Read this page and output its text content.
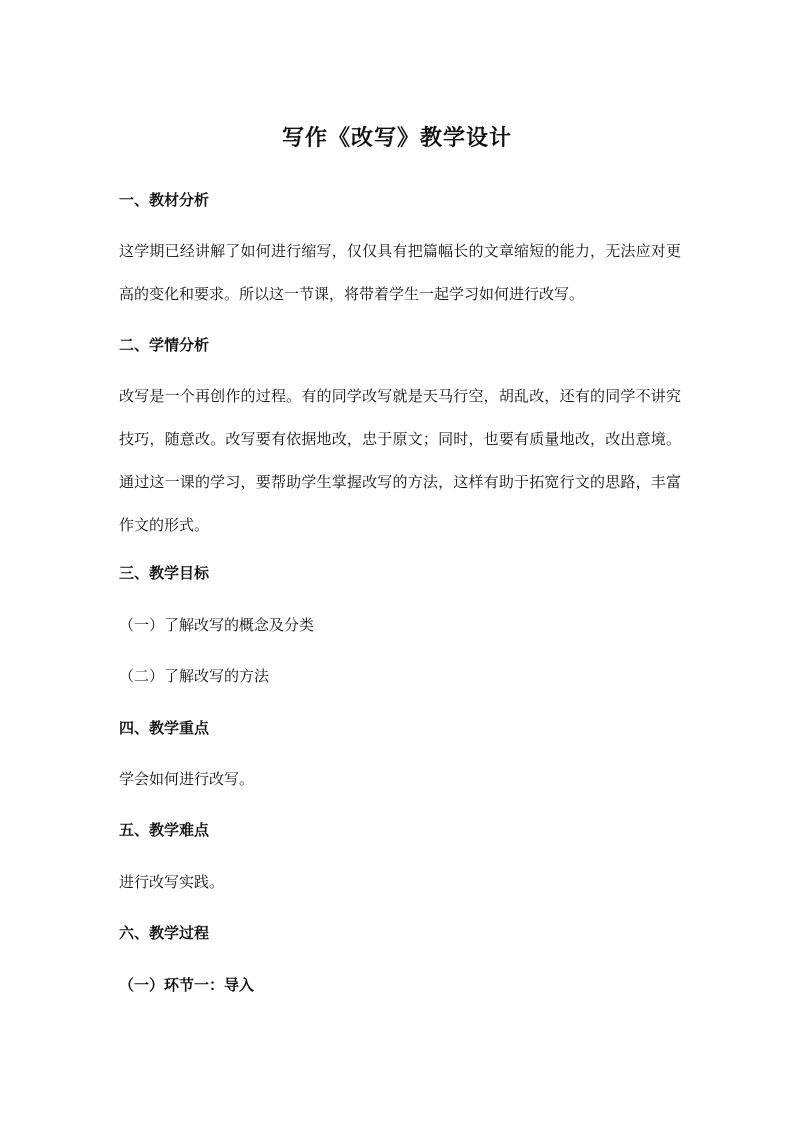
写作《改写》教学设计
一、教材分析
这学期已经讲解了如何进行缩写，仅仅具有把篇幅长的文章缩短的能力，无法应对更高的变化和要求。所以这一节课，将带着学生一起学习如何进行改写。
二、学情分析
改写是一个再创作的过程。有的同学改写就是天马行空，胡乱改，还有的同学不讲究技巧，随意改。改写要有依据地改，忠于原文；同时，也要有质量地改，改出意境。通过这一课的学习，要帮助学生掌握改写的方法，这样有助于拓宽行文的思路，丰富作文的形式。
三、教学目标
（一）了解改写的概念及分类
（二）了解改写的方法
四、教学重点
学会如何进行改写。
五、教学难点
进行改写实践。
六、教学过程
（一）环节一：导入
